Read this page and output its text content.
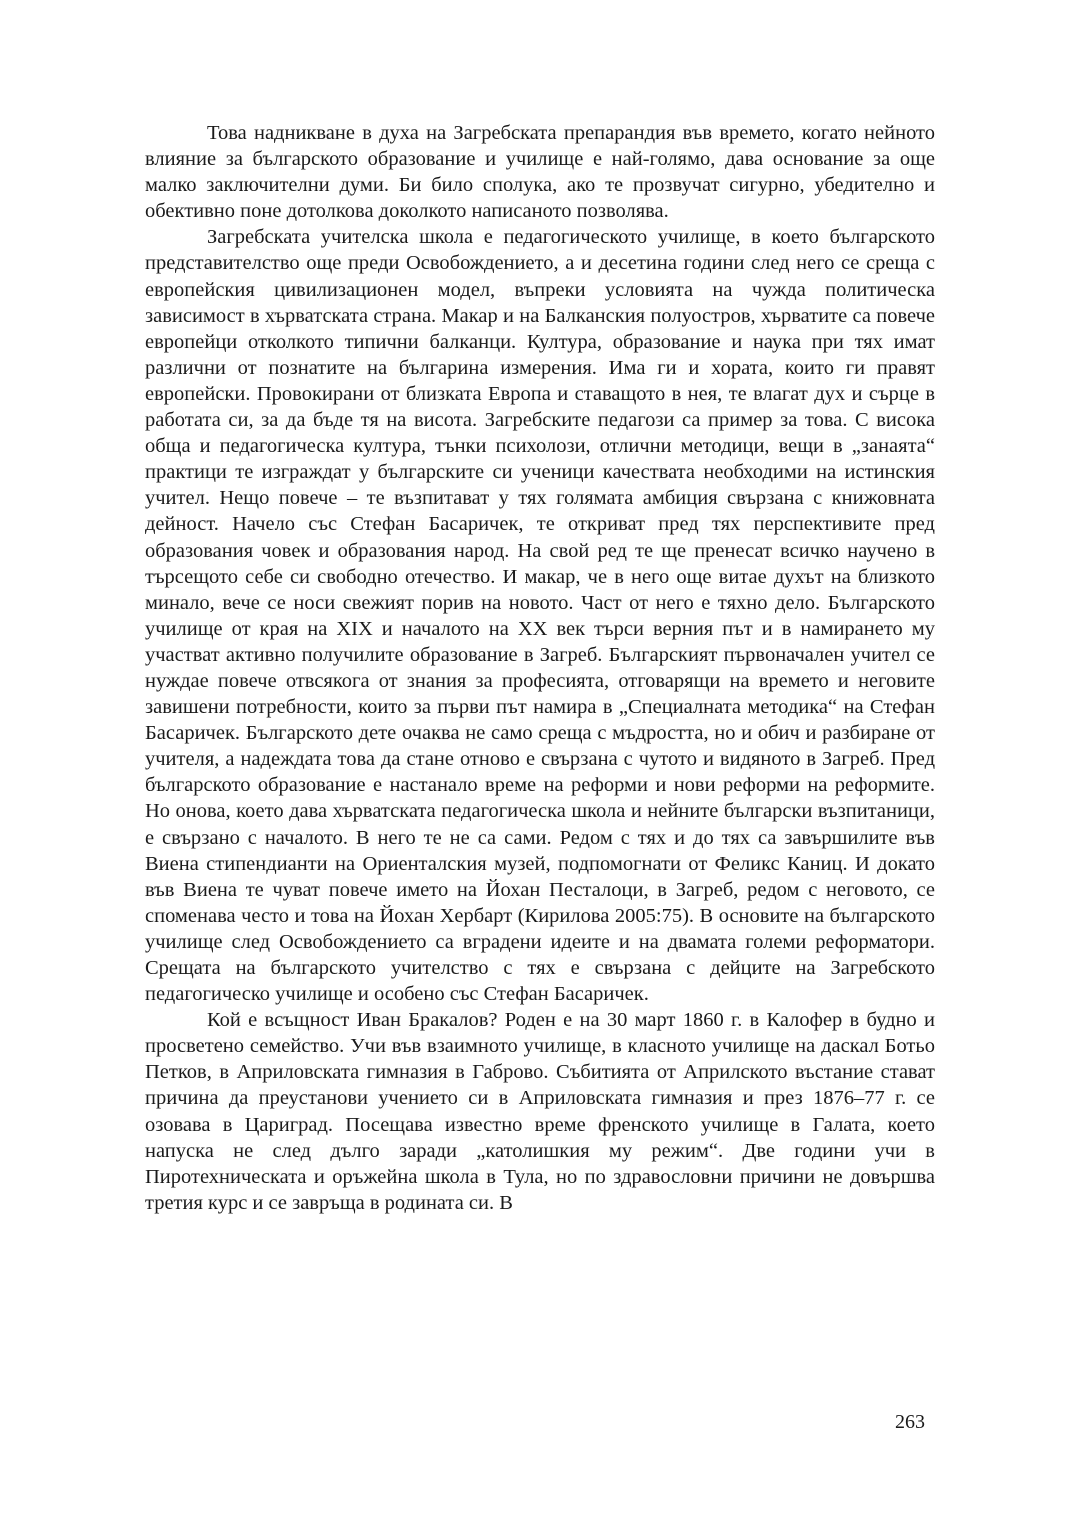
Това надникване в духа на Загребската препарандия във времето, когато нейното влияние за българското образование и училище е най-голямо, дава основание за още малко заключителни думи. Би било сполука, ако те прозвучат сигурно, убедително и обективно поне дотолкова доколкото написаното позволява.

Загребската учителска школа е педагогическото училище, в което българското представителство още преди Освобождението, а и десетина години след него се среща с европейския цивилизационен модел, въпреки условията на чужда политическа зависимост в хърватската страна. Макар и на Балканския полуостров, хърватите са повече европейци отколкото типични балканци. Култура, образование и наука при тях имат различни от познатите на българина измерения. Има ги и хората, които ги правят европейски. Провокирани от близката Европа и ставащото в нея, те влагат дух и сърце в работата си, за да бъде тя на висота. Загребските педагози са пример за това. С висока обща и педагогическа култура, тънки психолози, отлични методици, вещи в „занаята“ практици те изграждат у българските си ученици качествата необходими на истинския учител. Нещо повече – те възпитават у тях голямата амбиция свързана с книжовната дейност. Начело със Стефан Басаричек, те откриват пред тях перспективите пред образования човек и образования народ. На свой ред те ще пренесат всичко научено в търсещото себе си свободно отечество. И макар, че в него още витае духът на близкото минало, вече се носи свежият порив на новото. Част от него е тяхно дело. Българското училище от края на XIX и началото на XX век търси верния път и в намирането му участват активно получилите образование в Загреб. Българският първоначален учител се нуждае повече отвсякога от знания за професията, отговарящи на времето и неговите завишени потребности, които за първи път намира в „Специалната методика“ на Стефан Басаричек. Българското дете очаква не само среща с мъдростта, но и обич и разбиране от учителя, а надеждата това да стане отново е свързана с чутото и видяното в Загреб. Пред българското образование е настанало време на реформи и нови реформи на реформите. Но онова, което дава хърватската педагогическа школа и нейните български възпитаници, е свързано с началото. В него те не са сами. Редом с тях и до тях са завършилите във Виена стипендианти на Ориенталския музей, подпомогнати от Феликс Каниц. И докато във Виена те чуват повече името на Йохан Песталоци, в Загреб, редом с неговото, се споменава често и това на Йохан Хербарт (Кирилова 2005:75). В основите на българското училище след Освобождението са вградени идеите и на двамата големи реформатори. Срещата на българското учителство с тях е свързана с дейците на Загребското педагогическо училище и особено със Стефан Басаричек.

Кой е всъщност Иван Бракалов? Роден е на 30 март 1860 г. в Калофер в будно и просветено семейство. Учи във взаимното училище, в класното училище на даскал Ботьо Петков, в Априловската гимназия в Габрово. Събитията от Априлското въстание стават причина да преустанови учението си в Априловската гимназия и през 1876–77 г. се озовава в Цариград. Посещава известно време френското училище в Галата, което напуска не след дълго заради „католишкия му режим“. Две години учи в Пиротехническата и оръжейна школа в Тула, но по здравословни причини не довършва третия курс и се завръща в родината си. В

263
